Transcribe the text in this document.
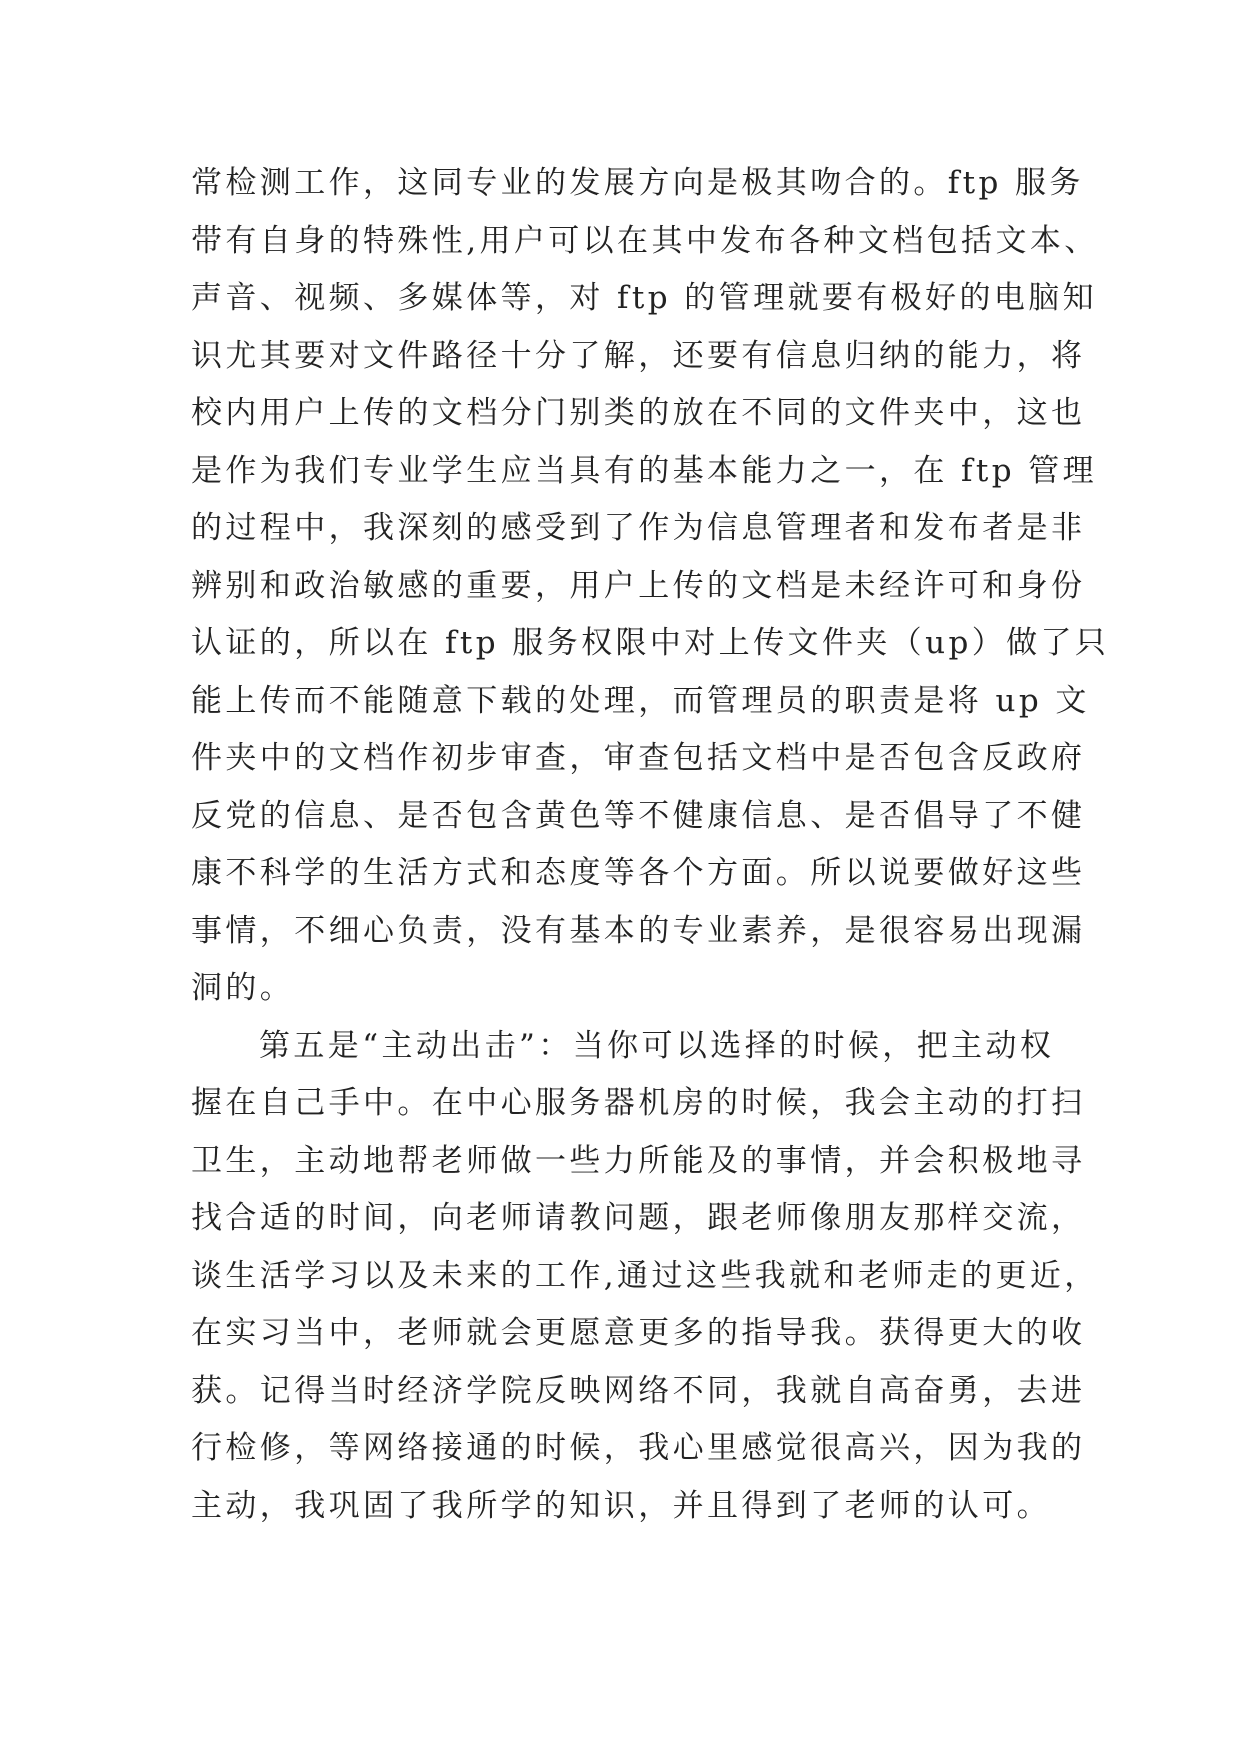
常检测工作，这同专业的发展方向是极其吻合的。ftp 服务
带有自身的特殊性,用户可以在其中发布各种文档包括文本、
声音、视频、多媒体等，对 ftp 的管理就要有极好的电脑知
识尤其要对文件路径十分了解，还要有信息归纳的能力，将
校内用户上传的文档分门别类的放在不同的文件夹中，这也
是作为我们专业学生应当具有的基本能力之一，在 ftp 管理
的过程中，我深刻的感受到了作为信息管理者和发布者是非
辨别和政治敏感的重要，用户上传的文档是未经许可和身份
认证的，所以在 ftp 服务权限中对上传文件夹（up）做了只
能上传而不能随意下载的处理，而管理员的职责是将 up 文
件夹中的文档作初步审查，审查包括文档中是否包含反政府
反党的信息、是否包含黄色等不健康信息、是否倡导了不健
康不科学的生活方式和态度等各个方面。所以说要做好这些
事情，不细心负责，没有基本的专业素养，是很容易出现漏
洞的。
第五是“主动出击”：当你可以选择的时候，把主动权
握在自己手中。在中心服务器机房的时候，我会主动的打扫
卫生，主动地帮老师做一些力所能及的事情，并会积极地寻
找合适的时间，向老师请教问题，跟老师像朋友那样交流，
谈生活学习以及未来的工作,通过这些我就和老师走的更近，
在实习当中，老师就会更愿意更多的指导我。获得更大的收
获。记得当时经济学院反映网络不同，我就自高奋勇，去进
行检修，等网络接通的时候，我心里感觉很高兴，因为我的
主动，我巩固了我所学的知识，并且得到了老师的认可。
